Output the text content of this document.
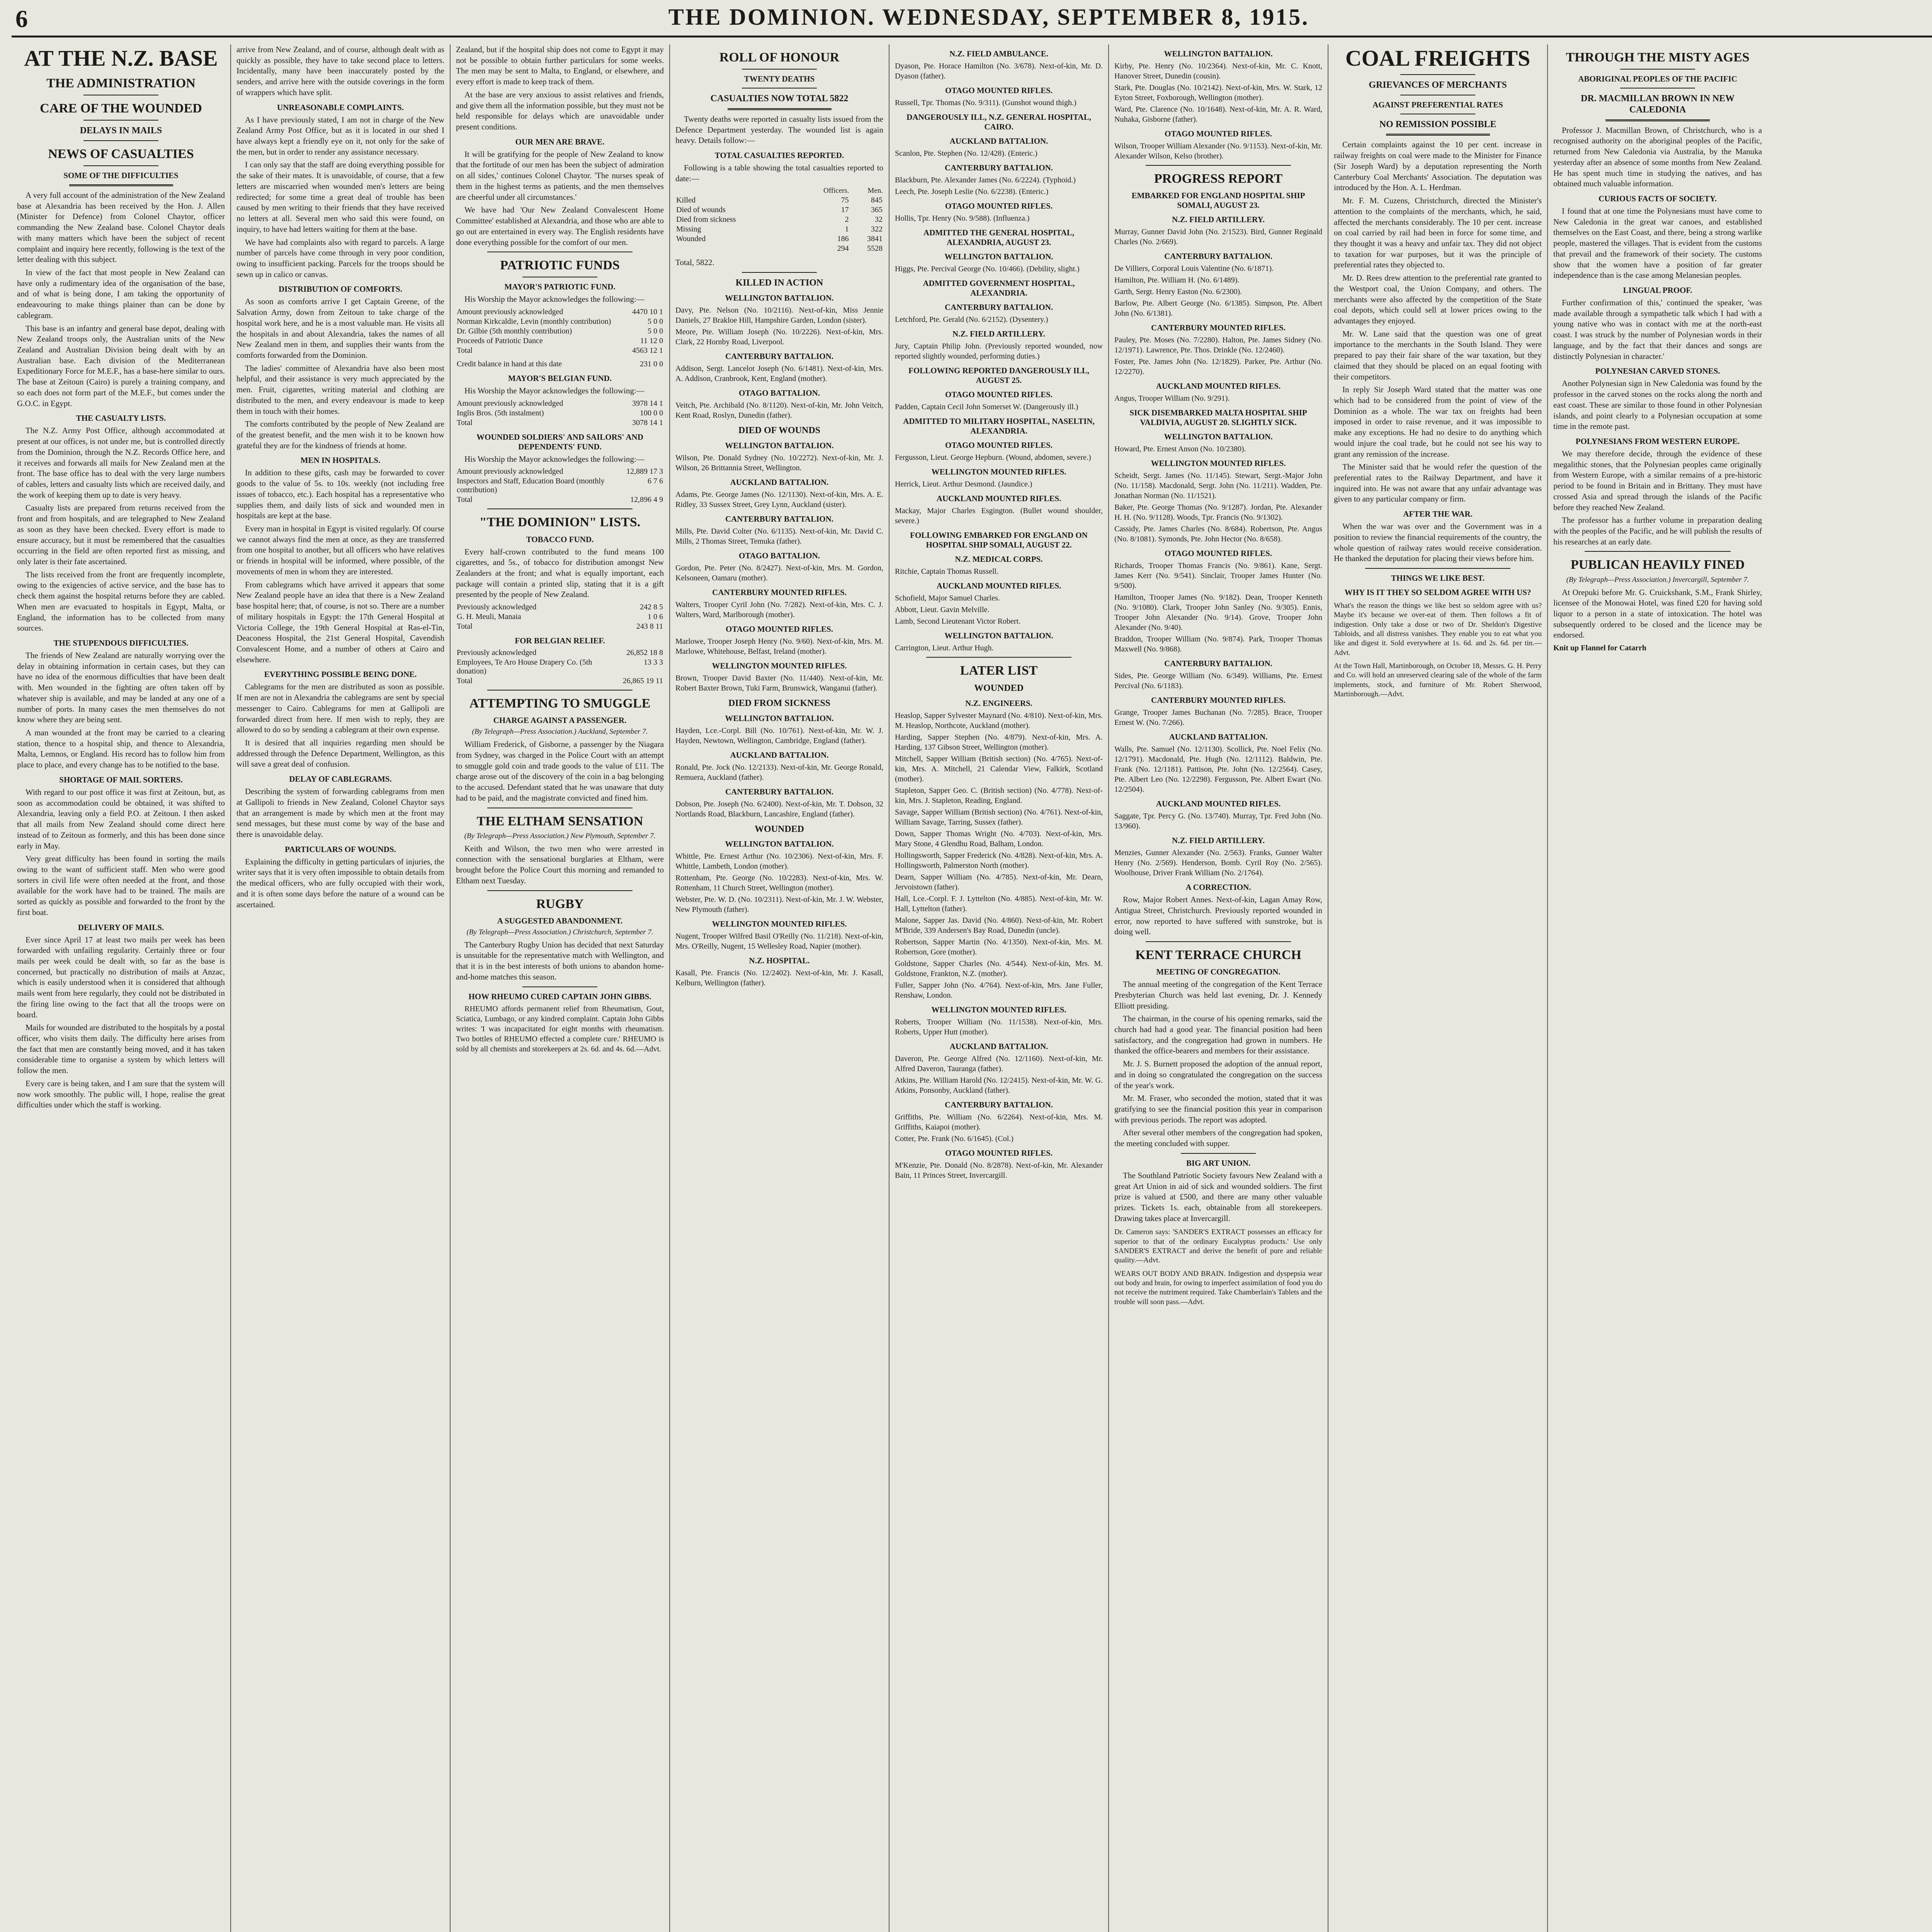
6	THE DOMINION. WEDNESDAY, SEPTEMBER 8, 1915.
AT THE N.Z. BASE
THE ADMINISTRATION
CARE OF THE WOUNDED
DELAYS IN MAILS
NEWS OF CASUALTIES
SOME OF THE DIFFICULTIES

A very full account of the administration of the New Zealand base at Alexandria has been received by the Hon. J. Allen (Minister for Defence) from Colonel Chaytor, officer commanding the New Zealand base. Colonel Chaytor deals with many matters which have been the subject of recent complaint and inquiry here recently, following is the text of the letter dealing with this subject.

In view of the fact that most people in New Zealand can have only a rudimentary idea of the organisation of the base, and of what is being done, I am taking the opportunity of endeavouring to make things plainer than can be done by cablegram.

This base is an infantry and general base depot, dealing with New Zealand troops only, the Australian units of the New Zealand and Australian Division being dealt with by an Australian base. Each division of the Mediterranean Expeditionary Force for M.E.F., has a base-here similar to ours. The base at Zeitoun (Cairo) is purely a training company, and so each does not form part of the M.E.F., but comes under the G.O.C. in Egypt.

THE CASUALTY LISTS.

The N.Z. Army Post Office, although accommodated at present at our offices, is not under me, but is controlled directly from the Dominion, through the N.Z. Records Office here, and it receives and forwards all mails for New Zealand men at the front. The base office has to deal with the very large numbers of cables, letters and casualty lists which are received daily, and the work of keeping them up to date is very heavy.

Casualty lists are prepared from returns received from the front and from hospitals, and are telegraphed to New Zealand as soon as they have been checked. Every effort is made to ensure accuracy, but it must be remembered that the casualties occurring in the field are often reported first as missing, and only later is their fate ascertained.

The lists received from the front are frequently incomplete, owing to the exigencies of active service, and the base has to check them against the hospital returns before they are cabled. When men are evacuated to hospitals in Egypt, Malta, or England, the information has to be collected from many sources.

THE STUPENDOUS DIFFICULTIES.

The friends of New Zealand are naturally worrying over the delay in obtaining information in certain cases, but they can have no idea of the enormous difficulties that have been dealt with. Men wounded in the fighting are often taken off by whatever ship is available, and may be landed at any one of a number of ports. In many cases the men themselves do not know where they are being sent.

A man wounded at the front may be carried to a clearing station, thence to a hospital ship, and thence to Alexandria, Malta, Lemnos, or England. His record has to follow him from place to place, and every change has to be notified to the base.

SHORTAGE OF MAIL SORTERS.

With regard to our post office it was first at Zeitoun, but, as soon as accommodation could be obtained, it was shifted to Alexandria, leaving only a field P.O. at Zeitoun. I then asked that all mails from New Zealand should come direct here instead of to Zeitoun as formerly, and this has been done since early in May.

Very great difficulty has been found in sorting the mails owing to the want of sufficient staff. Men who were good sorters in civil life were often needed at the front, and those available for the work have had to be trained. The mails are sorted as quickly as possible and forwarded to the front by the first boat.

DELIVERY OF MAILS.

Ever since April 17 at least two mails per week has been forwarded with unfailing regularity. Certainly three or four mails per week could be dealt with, so far as the base is concerned, but practically no distribution of mails at Anzac, which is easily understood when it is considered that although mails went from here regularly, they could not be distributed in the firing line owing to the fact that all the troops were on board.

Mails for wounded are distributed to the hospitals by a postal officer, who visits them daily. The difficulty here arises from the fact that men are constantly being moved, and it has taken considerable time to organise a system by which letters will follow the men.

Every care is being taken, and I am sure that the system will now work smoothly. The public will, I hope, realise the great difficulties under which the staff is working.

arrive from New Zealand, and of course, although dealt with as quickly as possible, they have to take second place to letters. Incidentally, many have been inaccurately posted by the senders, and arrive here with the outside coverings in the form of wrappers which have split.

UNREASONABLE COMPLAINTS.

As I have previously stated, I am not in charge of the New Zealand Army Post Office, but as it is located in our shed I have always kept a friendly eye on it, not only for the sake of the men, but in order to render any assistance necessary.

I can only say that the staff are doing everything possible for the sake of their mates. It is unavoidable, of course, that a few letters are miscarried when wounded men's letters are being redirected; for some time a great deal of trouble has been caused by men writing to their friends that they have received no letters at all. Several men who said this were found, on inquiry, to have had letters waiting for them at the base.

We have had complaints also with regard to parcels. A large number of parcels have come through in very poor condition, owing to insufficient packing. Parcels for the troops should be sewn up in calico or canvas.

DISTRIBUTION OF COMFORTS.

As soon as comforts arrive I get Captain Greene, of the Salvation Army, down from Zeitoun to take charge of the hospital work here, and he is a most valuable man. He visits all the hospitals in and about Alexandria, takes the names of all New Zealand men in them, and supplies their wants from the comforts forwarded from the Dominion.

The ladies' committee of Alexandria have also been most helpful, and their assistance is very much appreciated by the men. Fruit, cigarettes, writing material and clothing are distributed to the men, and every endeavour is made to keep them in touch with their homes.

The comforts contributed by the people of New Zealand are of the greatest benefit, and the men wish it to be known how grateful they are for the kindness of friends at home.

MEN IN HOSPITALS.

In addition to these gifts, cash may be forwarded to cover goods to the value of 5s. to 10s. weekly (not including free issues of tobacco, etc.). Each hospital has a representative who supplies them, and daily lists of sick and wounded men in hospitals are kept at the base.

Every man in hospital in Egypt is visited regularly. Of course we cannot always find the men at once, as they are transferred from one hospital to another, but all officers who have relatives or friends in hospital will be informed, where possible, of the movements of men in whom they are interested.

From cablegrams which have arrived it appears that some New Zealand people have an idea that there is a New Zealand base hospital here; that, of course, is not so. There are a number of military hospitals in Egypt: the 17th General Hospital at Victoria College, the 19th General Hospital at Ras-el-Tin, Deaconess Hospital, the 21st General Hospital, Cavendish Convalescent Home, and a number of others at Cairo and elsewhere.

EVERYTHING POSSIBLE BEING DONE.

Cablegrams for the men are distributed as soon as possible. If men are not in Alexandria the cablegrams are sent by special messenger to Cairo. Cablegrams for men at Gallipoli are forwarded direct from here. If men wish to reply, they are allowed to do so by sending a cablegram at their own expense.

It is desired that all inquiries regarding men should be addressed through the Defence Department, Wellington, as this will save a great deal of confusion.

DELAY OF CABLEGRAMS.

Describing the system of forwarding cablegrams from men at Gallipoli to friends in New Zealand, Colonel Chaytor says that an arrangement is made by which men at the front may send messages, but these must come by way of the base and there is unavoidable delay.

PARTICULARS OF WOUNDS.

Explaining the difficulty in getting particulars of injuries, the writer says that it is very often impossible to obtain details from the medical officers, who are fully occupied with their work, and it is often some days before the nature of a wound can be ascertained.

Zealand, but if the hospital ship does not come to Egypt it may not be possible to obtain further particulars for some weeks. The men may be sent to Malta, to England, or elsewhere, and every effort is made to keep track of them.

At the base are very anxious to assist relatives and friends, and give them all the information possible, but they must not be held responsible for delays which are unavoidable under present conditions.

OUR MEN ARE BRAVE.

It will be gratifying for the people of New Zealand to know that the fortitude of our men has been the subject of admiration on all sides,' continues Colonel Chaytor. 'The nurses speak of them in the highest terms as patients, and the men themselves are cheerful under all circumstances.'

We have had 'Our New Zealand Convalescent Home Committee' established at Alexandria, and those who are able to go out are entertained in every way. The English residents have done everything possible for the comfort of our men.

PATRIOTIC FUNDS
MAYOR'S PATRIOTIC FUND.

His Worship the Mayor acknowledges the following:—

Amount previously acknowledged	4470 10 1
Norman Kirkcaldie, Levin (monthly contribution)	5 0 0
Dr. Gilbie (5th monthly contribution)	5 0 0
Proceeds of Patriotic Dance	11 12 0
Total	4563 12 1
Credit balance in hand at this date	231 0 0
MAYOR'S BELGIAN FUND.

His Worship the Mayor acknowledges the following:—

Amount previously acknowledged	3978 14 1
Inglis Bros. (5th instalment)	100 0 0
Total	3078 14 1
WOUNDED SOLDIERS' AND SAILORS' AND DEPENDENTS' FUND.

His Worship the Mayor acknowledges the following:—

Amount previously acknowledged	12,889 17 3
Inspectors and Staff, Education Board (monthly contribution)	6 7 6
Total	12,896 4 9
"THE DOMINION" LISTS.
TOBACCO FUND.

Every half-crown contributed to the fund means 100 cigarettes, and 5s., of tobacco for distribution amongst New Zealanders at the front; and what is equally important, each package will contain a printed slip, stating that it is a gift presented by the people of New Zealand.

Previously acknowledged	242 8 5
G. H. Meuli, Manaia	1 0 6
Total	243 8 11
FOR BELGIAN RELIEF.
Previously acknowledged	26,852 18 8
Employees, Te Aro House Drapery Co. (5th donation)	13 3 3
Total	26,865 19 11
ATTEMPTING TO SMUGGLE
CHARGE AGAINST A PASSENGER.
(By Telegraph—Press Association.) Auckland, September 7.

William Frederick, of Gisborne, a passenger by the Niagara from Sydney, was charged in the Police Court with an attempt to smuggle gold coin and trade goods to the value of £11. The charge arose out of the discovery of the coin in a bag belonging to the accused. Defendant stated that he was unaware that duty had to be paid, and the magistrate convicted and fined him.

THE ELTHAM SENSATION
(By Telegraph—Press Association.) New Plymouth, September 7.

Keith and Wilson, the two men who were arrested in connection with the sensational burglaries at Eltham, were brought before the Police Court this morning and remanded to Eltham next Tuesday.

RUGBY
A SUGGESTED ABANDONMENT.
(By Telegraph—Press Association.) Christchurch, September 7.

The Canterbury Rugby Union has decided that next Saturday is unsuitable for the representative match with Wellington, and that it is in the best interests of both unions to abandon home-and-home matches this season.

HOW RHEUMO CURED CAPTAIN JOHN GIBBS.

RHEUMO affords permanent relief from Rheumatism, Gout, Sciatica, Lumbago, or any kindred complaint. Captain John Gibbs writes: 'I was incapacitated for eight months with rheumatism. Two bottles of RHEUMO effected a complete cure.' RHEUMO is sold by all chemists and storekeepers at 2s. 6d. and 4s. 6d.—Advt.

ROLL OF HONOUR
TWENTY DEATHS
CASUALTIES NOW TOTAL 5822

Twenty deaths were reported in casualty lists issued from the Defence Department yesterday. The wounded list is again heavy. Details follow:—

TOTAL CASUALTIES REPORTED.

Following is a table showing the total casualties reported to date:—

	Officers.	Men.
Killed	75	845
Died of wounds	17	365
Died from sickness	2	32
Missing	1	322
Wounded	186	3841
	294	5528

Total, 5822.

KILLED IN ACTION
WELLINGTON BATTALION.
Davy, Pte. Nelson (No. 10/2116). Next-of-kin, Miss Jennie Daniels, 27 Brakloe Hill, Hampshire Garden, London (sister).
Meore, Pte. William Joseph (No. 10/2226). Next-of-kin, Mrs. Clark, 22 Hornby Road, Liverpool.
CANTERBURY BATTALION.
Addison, Sergt. Lancelot Joseph (No. 6/1481). Next-of-kin, Mrs. A. Addison, Cranbrook, Kent, England (mother).
OTAGO BATTALION.
Veitch, Pte. Archibald (No. 8/1120). Next-of-kin, Mr. John Veitch, Kent Road, Roslyn, Dunedin (father).
DIED OF WOUNDS
WELLINGTON BATTALION.
Wilson, Pte. Donald Sydney (No. 10/2272). Next-of-kin, Mr. J. Wilson, 26 Brittannia Street, Wellington.
AUCKLAND BATTALION.
Adams, Pte. George James (No. 12/1130). Next-of-kin, Mrs. A. E. Ridley, 33 Sussex Street, Grey Lynn, Auckland (sister).
CANTERBURY BATTALION.
Mills, Pte. David Colter (No. 6/1135). Next-of-kin, Mr. David C. Mills, 2 Thomas Street, Temuka (father).
OTAGO BATTALION.
Gordon, Pte. Peter (No. 8/2427). Next-of-kin, Mrs. M. Gordon, Kelsoneen, Oamaru (mother).
CANTERBURY MOUNTED RIFLES.
Walters, Trooper Cyril John (No. 7/282). Next-of-kin, Mrs. C. J. Walters, Ward, Marlborough (mother).
OTAGO MOUNTED RIFLES.
Marlowe, Trooper Joseph Henry (No. 9/60). Next-of-kin, Mrs. M. Marlowe, Whitehouse, Belfast, Ireland (mother).
WELLINGTON MOUNTED RIFLES.
Brown, Trooper David Baxter (No. 11/440). Next-of-kin, Mr. Robert Baxter Brown, Tuki Farm, Brunswick, Wanganui (father).
DIED FROM SICKNESS
WELLINGTON BATTALION.
Hayden, Lce.-Corpl. Bill (No. 10/761). Next-of-kin, Mr. W. J. Hayden, Newtown, Wellington, Cambridge, England (father).
AUCKLAND BATTALION.
Ronald, Pte. Jock (No. 12/2133). Next-of-kin, Mr. George Ronald, Remuera, Auckland (father).
CANTERBURY BATTALION.
Dobson, Pte. Joseph (No. 6/2400). Next-of-kin, Mr. T. Dobson, 32 Nortlands Road, Blackburn, Lancashire, England (father).
WOUNDED
WELLINGTON BATTALION.
Whittle, Pte. Ernest Arthur (No. 10/2306). Next-of-kin, Mrs. F. Whittle, Lambeth, London (mother).
Rottenham, Pte. George (No. 10/2283). Next-of-kin, Mrs. W. Rottenham, 11 Church Street, Wellington (mother).
Webster, Pte. W. D. (No. 10/2311). Next-of-kin, Mr. J. W. Webster, New Plymouth (father).
WELLINGTON MOUNTED RIFLES.
Nugent, Trooper Wilfred Basil O'Reilly (No. 11/218). Next-of-kin, Mrs. O'Reilly, Nugent, 15 Wellesley Road, Napier (mother).
N.Z. HOSPITAL.
Kasall, Pte. Francis (No. 12/2402). Next-of-kin, Mr. J. Kasall, Kelburn, Wellington (father).
N.Z. FIELD AMBULANCE.
Dyason, Pte. Horace Hamilton (No. 3/678). Next-of-kin, Mr. D. Dyason (father).
OTAGO MOUNTED RIFLES.
Russell, Tpr. Thomas (No. 9/311). (Gunshot wound thigh.)
DANGEROUSLY ILL, N.Z. GENERAL HOSPITAL, CAIRO.
AUCKLAND BATTALION.
Scanlon, Pte. Stephen (No. 12/428). (Enteric.)
CANTERBURY BATTALION.
Blackburn, Pte. Alexander James (No. 6/2224). (Typhoid.)
Leech, Pte. Joseph Leslie (No. 6/2238). (Enteric.)
OTAGO MOUNTED RIFLES.
Hollis, Tpr. Henry (No. 9/588). (Influenza.)
ADMITTED THE GENERAL HOSPITAL, ALEXANDRIA, AUGUST 23.
WELLINGTON BATTALION.
Higgs, Pte. Percival George (No. 10/466). (Debility, slight.)
ADMITTED GOVERNMENT HOSPITAL, ALEXANDRIA.
CANTERBURY BATTALION.
Letchford, Pte. Gerald (No. 6/2152). (Dysentery.)
N.Z. FIELD ARTILLERY.
Jury, Captain Philip John. (Previously reported wounded, now reported slightly wounded, performing duties.)
FOLLOWING REPORTED DANGEROUSLY ILL, AUGUST 25.
OTAGO MOUNTED RIFLES.
Padden, Captain Cecil John Somerset W. (Dangerously ill.)
ADMITTED TO MILITARY HOSPITAL, NASELTIN, ALEXANDRIA.
OTAGO MOUNTED RIFLES.
Fergusson, Lieut. George Hepburn. (Wound, abdomen, severe.)
WELLINGTON MOUNTED RIFLES.
Herrick, Lieut. Arthur Desmond. (Jaundice.)
AUCKLAND MOUNTED RIFLES.
Mackay, Major Charles Esgington. (Bullet wound shoulder, severe.)
FOLLOWING EMBARKED FOR ENGLAND ON HOSPITAL SHIP SOMALI, AUGUST 22.
N.Z. MEDICAL CORPS.
Ritchie, Captain Thomas Russell.
AUCKLAND MOUNTED RIFLES.
Schofield, Major Samuel Charles.
Abbott, Lieut. Gavin Melville.
Lamb, Second Lieutenant Victor Robert.
WELLINGTON BATTALION.
Carrington, Lieut. Arthur Hugh.
LATER LIST
WOUNDED
N.Z. ENGINEERS.
Heaslop, Sapper Sylvester Maynard (No. 4/810). Next-of-kin, Mrs. M. Heaslop, Northcote, Auckland (mother).
Harding, Sapper Stephen (No. 4/879). Next-of-kin, Mrs. A. Harding, 137 Gibson Street, Wellington (mother).
Mitchell, Sapper William (British section) (No. 4/765). Next-of-kin, Mrs. A. Mitchell, 21 Calendar View, Falkirk, Scotland (mother).
Stapleton, Sapper Geo. C. (British section) (No. 4/778). Next-of-kin, Mrs. J. Stapleton, Reading, England.
Savage, Sapper William (British section) (No. 4/761). Next-of-kin, William Savage, Tarring, Sussex (father).
Down, Sapper Thomas Wright (No. 4/703). Next-of-kin, Mrs. Mary Stone, 4 Glendhu Road, Balham, London.
Hollingsworth, Sapper Frederick (No. 4/828). Next-of-kin, Mrs. A. Hollingsworth, Palmerston North (mother).
Dearn, Sapper William (No. 4/785). Next-of-kin, Mr. Dearn, Jervoistown (father).
Hall, Lce.-Corpl. F. J. Lyttelton (No. 4/885). Next-of-kin, Mr. W. Hall, Lyttelton (father).
Malone, Sapper Jas. David (No. 4/860). Next-of-kin, Mr. Robert M'Bride, 339 Andersen's Bay Road, Dunedin (uncle).
Robertson, Sapper Martin (No. 4/1350). Next-of-kin, Mrs. M. Robertson, Gore (mother).
Goldstone, Sapper Charles (No. 4/544). Next-of-kin, Mrs. M. Goldstone, Frankton, N.Z. (mother).
Fuller, Sapper John (No. 4/764). Next-of-kin, Mrs. Jane Fuller, Renshaw, London.
WELLINGTON MOUNTED RIFLES.
Roberts, Trooper William (No. 11/1538). Next-of-kin, Mrs. Roberts, Upper Hutt (mother).
AUCKLAND BATTALION.
Daveron, Pte. George Alfred (No. 12/1160). Next-of-kin, Mr. Alfred Daveron, Tauranga (father).
Atkins, Pte. William Harold (No. 12/2415). Next-of-kin, Mr. W. G. Atkins, Ponsonby, Auckland (father).
CANTERBURY BATTALION.
Griffiths, Pte. William (No. 6/2264). Next-of-kin, Mrs. M. Griffiths, Kaiapoi (mother).
Cotter, Pte. Frank (No. 6/1645). (Col.)
OTAGO MOUNTED RIFLES.
M'Kenzie, Pte. Donald (No. 8/2878). Next-of-kin, Mr. Alexander Bain, 11 Princes Street, Invercargill.
WELLINGTON BATTALION.
Kirby, Pte. Henry (No. 10/2364). Next-of-kin, Mr. C. Knott, Hanover Street, Dunedin (cousin).
Stark, Pte. Douglas (No. 10/2142). Next-of-kin, Mrs. W. Stark, 12 Eyton Street, Foxborough, Wellington (mother).
Ward, Pte. Clarence (No. 10/1648). Next-of-kin, Mr. A. R. Ward, Nuhaka, Gisborne (father).
OTAGO MOUNTED RIFLES.
Wilson, Trooper William Alexander (No. 9/1153). Next-of-kin, Mr. Alexander Wilson, Kelso (brother).
PROGRESS REPORT
EMBARKED FOR ENGLAND HOSPITAL SHIP SOMALI, AUGUST 23.
N.Z. FIELD ARTILLERY.
Murray, Gunner David John (No. 2/1523). Bird, Gunner Reginald Charles (No. 2/669).
CANTERBURY BATTALION.
De Villiers, Corporal Louis Valentine (No. 6/1871).
Hamilton, Pte. William H. (No. 6/1489).
Garth, Sergt. Henry Easton (No. 6/2300).
Barlow, Pte. Albert George (No. 6/1385). Simpson, Pte. Albert John (No. 6/1381).
CANTERBURY MOUNTED RIFLES.
Pauley, Pte. Moses (No. 7/2280). Halton, Pte. James Sidney (No. 12/1971). Lawrence, Pte. Thos. Drinkle (No. 12/2460).
Foster, Pte. James John (No. 12/1829). Parker, Pte. Arthur (No. 12/2270).
AUCKLAND MOUNTED RIFLES.
Angus, Trooper William (No. 9/291).
SICK DISEMBARKED MALTA HOSPITAL SHIP VALDIVIA, AUGUST 20. SLIGHTLY SICK.
WELLINGTON BATTALION.
Howard, Pte. Ernest Anson (No. 10/2380).
WELLINGTON MOUNTED RIFLES.
Scheidt, Sergt. James (No. 11/145). Stewart, Sergt.-Major John (No. 11/158). Macdonald, Sergt. John (No. 11/211). Wadden, Pte. Jonathan Norman (No. 11/1521).
Baker, Pte. George Thomas (No. 9/1287). Jordan, Pte. Alexander H. H. (No. 9/1128). Woods, Tpr. Francis (No. 9/1302).
Cassidy, Pte. James Charles (No. 8/684). Robertson, Pte. Angus (No. 8/1081). Symonds, Pte. John Hector (No. 8/658).
OTAGO MOUNTED RIFLES.
Richards, Trooper Thomas Francis (No. 9/861). Kane, Sergt. James Kerr (No. 9/541). Sinclair, Trooper James Hunter (No. 9/500).
Hamilton, Trooper James (No. 9/182). Dean, Trooper Kenneth (No. 9/1080). Clark, Trooper John Sanley (No. 9/305). Ennis, Trooper John Alexander (No. 9/14). Grove, Trooper John Alexander (No. 9/40).
Braddon, Trooper William (No. 9/874). Park, Trooper Thomas Maxwell (No. 9/868).
CANTERBURY BATTALION.
Sides, Pte. George William (No. 6/349). Williams, Pte. Ernest Percival (No. 6/1183).
CANTERBURY MOUNTED RIFLES.
Grange, Trooper James Buchanan (No. 7/285). Brace, Trooper Ernest W. (No. 7/266).
AUCKLAND BATTALION.
Walls, Pte. Samuel (No. 12/1130). Scollick, Pte. Noel Felix (No. 12/1791). Macdonald, Pte. Hugh (No. 12/1112). Baldwin, Pte. Frank (No. 12/1181). Pattison, Pte. John (No. 12/2564). Casey, Pte. Albert Leo (No. 12/2298). Fergusson, Pte. Albert Ewart (No. 12/2504).
AUCKLAND MOUNTED RIFLES.
Saggate, Tpr. Percy G. (No. 13/740). Murray, Tpr. Fred John (No. 13/960).
N.Z. FIELD ARTILLERY.
Menzies, Gunner Alexander (No. 2/563). Franks, Gunner Walter Henry (No. 2/569). Henderson, Bomb. Cyril Roy (No. 2/565). Woolhouse, Driver Frank William (No. 2/1764).
A CORRECTION.

Row, Major Robert Annes. Next-of-kin, Lagan Amay Row, Antigua Street, Christchurch. Previously reported wounded in error, now reported to have suffered with sunstroke, but is doing well.

KENT TERRACE CHURCH
MEETING OF CONGREGATION.

The annual meeting of the congregation of the Kent Terrace Presbyterian Church was held last evening, Dr. J. Kennedy Elliott presiding.

The chairman, in the course of his opening remarks, said the church had had a good year. The financial position had been satisfactory, and the congregation had grown in numbers. He thanked the office-bearers and members for their assistance.

Mr. J. S. Burnett proposed the adoption of the annual report, and in doing so congratulated the congregation on the success of the year's work.

Mr. M. Fraser, who seconded the motion, stated that it was gratifying to see the financial position this year in comparison with previous periods. The report was adopted.

After several other members of the congregation had spoken, the meeting concluded with supper.

BIG ART UNION.

The Southland Patriotic Society favours New Zealand with a great Art Union in aid of sick and wounded soldiers. The first prize is valued at £500, and there are many other valuable prizes. Tickets 1s. each, obtainable from all storekeepers. Drawing takes place at Invercargill.

Dr. Cameron says: 'SANDER'S EXTRACT possesses an efficacy for superior to that of the ordinary Eucalyptus products.' Use only SANDER'S EXTRACT and derive the benefit of pure and reliable quality.—Advt.
WEARS OUT BODY AND BRAIN. Indigestion and dyspepsia wear out body and brain, for owing to imperfect assimilation of food you do not receive the nutriment required. Take Chamberlain's Tablets and the trouble will soon pass.—Advt.
COAL FREIGHTS
GRIEVANCES OF MERCHANTS
AGAINST PREFERENTIAL RATES
NO REMISSION POSSIBLE

Certain complaints against the 10 per cent. increase in railway freights on coal were made to the Minister for Finance (Sir Joseph Ward) by a deputation representing the North Canterbury Coal Merchants' Association. The deputation was introduced by the Hon. A. L. Herdman.

Mr. F. M. Cuzens, Christchurch, directed the Minister's attention to the complaints of the merchants, which, he said, affected the merchants considerably. The 10 per cent. increase on coal carried by rail had been in force for some time, and they thought it was a heavy and unfair tax. They did not object to taxation for war purposes, but it was the principle of preferential rates they objected to.

Mr. D. Rees drew attention to the preferential rate granted to the Westport coal, the Union Company, and others. The merchants were also affected by the competition of the State coal depots, which could sell at lower prices owing to the advantages they enjoyed.

Mr. W. Lane said that the question was one of great importance to the merchants in the South Island. They were prepared to pay their fair share of the war taxation, but they claimed that they should be placed on an equal footing with their competitors.

In reply Sir Joseph Ward stated that the matter was one which had to be considered from the point of view of the Dominion as a whole. The war tax on freights had been imposed in order to raise revenue, and it was impossible to make any exceptions. He had no desire to do anything which would injure the coal trade, but he could not see his way to grant any remission of the increase.

The Minister said that he would refer the question of the preferential rates to the Railway Department, and have it inquired into. He was not aware that any unfair advantage was given to any particular company or firm.

AFTER THE WAR.

When the war was over and the Government was in a position to review the financial requirements of the country, the whole question of railway rates would receive consideration. He thanked the deputation for placing their views before him.

THINGS WE LIKE BEST.
WHY IS IT THEY SO SELDOM AGREE WITH US?
What's the reason the things we like best so seldom agree with us? Maybe it's because we over-eat of them. Then follows a fit of indigestion. Only take a dose or two of Dr. Sheldon's Digestive Tabloids, and all distress vanishes. They enable you to eat what you like and digest it. Sold everywhere at 1s. 6d. and 2s. 6d. per tin.—Advt.
At the Town Hall, Martinborough, on October 18, Messrs. G. H. Perry and Co. will hold an unreserved clearing sale of the whole of the farm implements, stock, and furniture of Mr. Robert Sherwood, Martinborough.—Advt.
THROUGH THE MISTY AGES
ABORIGINAL PEOPLES OF THE PACIFIC
DR. MACMILLAN BROWN IN NEW CALEDONIA

Professor J. Macmillan Brown, of Christchurch, who is a recognised authority on the aboriginal peoples of the Pacific, returned from New Caledonia via Australia, by the Manuka yesterday after an absence of some months from New Zealand. He has spent much time in studying the natives, and has obtained much valuable information.

CURIOUS FACTS OF SOCIETY.

I found that at one time the Polynesians must have come to New Caledonia in the great war canoes, and established themselves on the East Coast, and there, being a strong warlike people, mastered the villages. That is evident from the customs that prevail and the framework of their society. The customs show that the women have a position of far greater independence than is the case among Melanesian peoples.

LINGUAL PROOF.

Further confirmation of this,' continued the speaker, 'was made available through a sympathetic talk which I had with a young native who was in contact with me at the north-east coast. I was struck by the number of Polynesian words in their language, and by the fact that their dances and songs are distinctly Polynesian in character.'

POLYNESIAN CARVED STONES.

Another Polynesian sign in New Caledonia was found by the professor in the carved stones on the rocks along the north and east coast. These are similar to those found in other Polynesian islands, and point clearly to a Polynesian occupation at some time in the remote past.

POLYNESIANS FROM WESTERN EUROPE.

We may therefore decide, through the evidence of these megalithic stones, that the Polynesian peoples came originally from Western Europe, with a similar remains of a pre-historic period to be found in Britain and in Brittany. They must have crossed Asia and spread through the islands of the Pacific before they reached New Zealand.

The professor has a further volume in preparation dealing with the peoples of the Pacific, and he will publish the results of his researches at an early date.

PUBLICAN HEAVILY FINED
(By Telegraph—Press Association.) Invercargill, September 7.

At Orepuki before Mr. G. Cruickshank, S.M., Frank Shirley, licensee of the Monowai Hotel, was fined £20 for having sold liquor to a person in a state of intoxication. The hotel was subsequently ordered to be closed and the licence may be endorsed.

Knit up Flannel for Catarrh
